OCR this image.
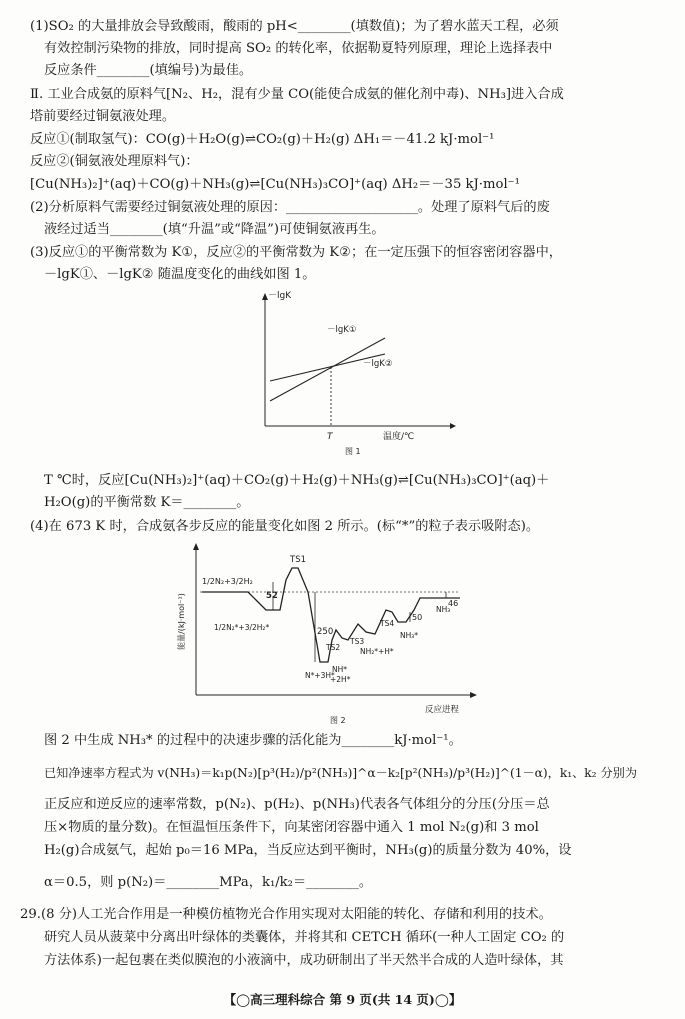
(1)SO₂ 的大量排放会导致酸雨，酸雨的 pH<________(填数值)；为了碧水蓝天工程，必须
有效控制污染物的排放，同时提高 SO₂ 的转化率，依据勒夏特列原理，理论上选择表中
反应条件________(填编号)为最佳。
Ⅱ. 工业合成氨的原料气[N₂、H₂，混有少量 CO(能使合成氨的催化剂中毒)、NH₃]进入合成
塔前要经过铜氨液处理。
反应①(制取氢气)：CO(g)＋H₂O(g)⇌CO₂(g)＋H₂(g) ΔH₁＝－41.2 kJ·mol⁻¹
反应②(铜氨液处理原料气)：
[Cu(NH₃)₂]⁺(aq)＋CO(g)＋NH₃(g)⇌[Cu(NH₃)₃CO]⁺(aq) ΔH₂＝－35 kJ·mol⁻¹
(2)分析原料气需要经过铜氨液处理的原因：____________________。处理了原料气后的废
液经过适当________(填“升温”或“降温”)可使铜氨液再生。
(3)反应①的平衡常数为 K①，反应②的平衡常数为 K②；在一定压强下的恒容密闭容器中，
－lgK①、－lgK② 随温度变化的曲线如图 1。
－lgK
温度/℃
T
－lgK①
－lgK②
图 1
T ℃时，反应[Cu(NH₃)₂]⁺(aq)＋CO₂(g)＋H₂(g)＋NH₃(g)⇌[Cu(NH₃)₃CO]⁺(aq)＋
H₂O(g)的平衡常数 K＝________。
(4)在 673 K 时，合成氨各步反应的能量变化如图 2 所示。(标“*”的粒子表示吸附态)。
能量/(kJ·mol⁻¹)
反应进程
52
250
50
46
1/2N₂+3/2H₂
TS1
1/2N₂*+3/2H₂*
TS2
TS3
TS4
N*+3H*
NH*
+2H*
NH₂*+H*
NH₃*
NH₃
图 2
图 2 中生成 NH₃* 的过程中的决速步骤的活化能为________kJ·mol⁻¹。
已知净速率方程式为 v(NH₃)＝k₁p(N₂)[p³(H₂)/p²(NH₃)]^α－k₂[p²(NH₃)/p³(H₂)]^(1－α)，k₁、k₂ 分别为
正反应和逆反应的速率常数，p(N₂)、p(H₂)、p(NH₃)代表各气体组分的分压(分压＝总
压×物质的量分数)。在恒温恒压条件下，向某密闭容器中通入 1 mol N₂(g)和 3 mol
H₂(g)合成氨气，起始 p₀＝16 MPa，当反应达到平衡时，NH₃(g)的质量分数为 40%，设
α＝0.5，则 p(N₂)＝________MPa，k₁/k₂＝________。
29.(8 分)人工光合作用是一种模仿植物光合作用实现对太阳能的转化、存储和利用的技术。
研究人员从菠菜中分离出叶绿体的类囊体，并将其和 CETCH 循环(一种人工固定 CO₂ 的
方法体系)一起包裹在类似膜泡的小液滴中，成功研制出了半天然半合成的人造叶绿体，其
【◯高三理科综合 第 9 页(共 14 页)◯】
